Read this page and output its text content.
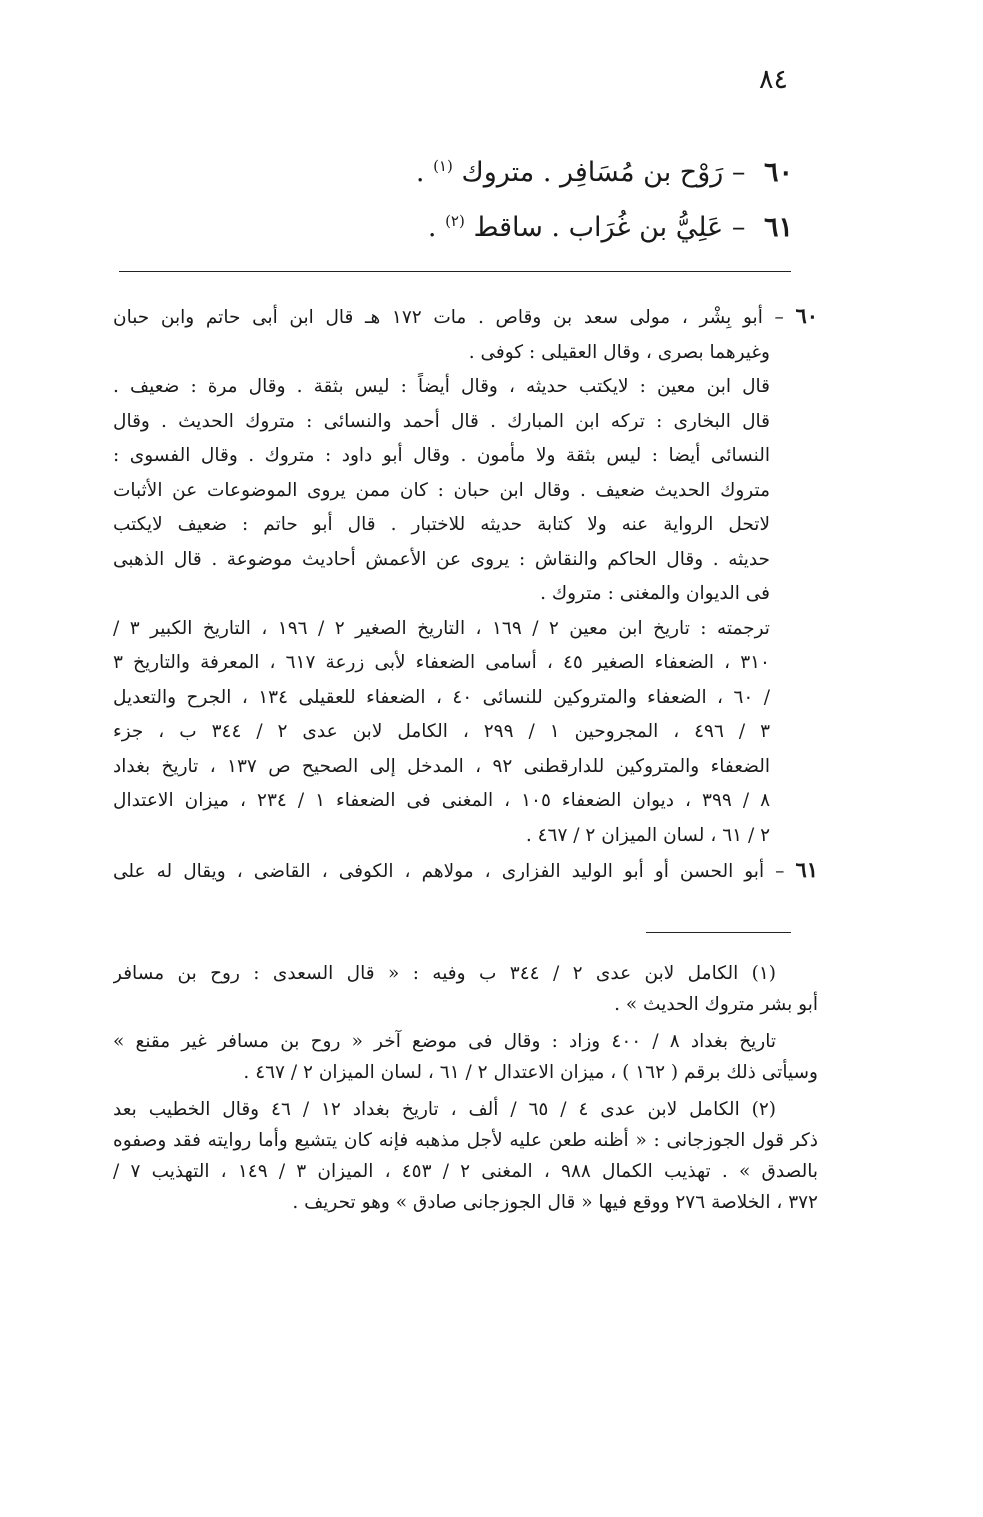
٨٤
٦٠ – رَوْح بن مُسَافِر . متروك $^{(١)}$ .
٦١ – عَلِيُّ بن غُرَاب . ساقط $^{(٢)}$ .
٦٠ – أبو بِشْر ، مولى سعد بن وقاص . مات ١٧٢ هـ قال ابن أبى حاتم وابن حبان
وغيرهما بصرى ، وقال العقيلى : كوفى .
قال ابن معين : لايكتب حديثه ، وقال أيضاً : ليس بثقة . وقال مرة : ضعيف .
قال البخارى : تركه ابن المبارك . قال أحمد والنسائى : متروك الحديث . وقال
النسائى أيضا : ليس بثقة ولا مأمون . وقال أبو داود : متروك . وقال الفسوى :
متروك الحديث ضعيف . وقال ابن حبان : كان ممن يروى الموضوعات عن الأثبات
لاتحل الرواية عنه ولا كتابة حديثه للاختبار . قال أبو حاتم : ضعيف لايكتب
حديثه . وقال الحاكم والنقاش : يروى عن الأعمش أحاديث موضوعة . قال الذهبى
فى الديوان والمغنى : متروك .
ترجمته : تاريخ ابن معين ٢ / ١٦٩ ، التاريخ الصغير ٢ / ١٩٦ ، التاريخ الكبير ٣ /
٣١٠ ، الضعفاء الصغير ٤٥ ، أسامى الضعفاء لأبى زرعة ٦١٧ ، المعرفة والتاريخ ٣
/ ٦٠ ، الضعفاء والمتروكين للنسائى ٤٠ ، الضعفاء للعقيلى ١٣٤ ، الجرح والتعديل
٣ / ٤٩٦ ، المجروحين ١ / ٢٩٩ ، الكامل لابن عدى ٢ / ٣٤٤ ب ، جزء
الضعفاء والمتروكين للدارقطنى ٩٢ ، المدخل إلى الصحيح ص ١٣٧ ، تاريخ بغداد
٨ / ٣٩٩ ، ديوان الضعفاء ١٠٥ ، المغنى فى الضعفاء ١ / ٢٣٤ ، ميزان الاعتدال
٢ / ٦١ ، لسان الميزان ٢ / ٤٦٧ .
٦١ – أبو الحسن أو أبو الوليد الفزارى ، مولاهم ، الكوفى ، القاضى ، ويقال له على
(١) الكامل لابن عدى ٢ / ٣٤٤ ب وفيه : « قال السعدى : روح بن مسافر
أبو بشر متروك الحديث » .
تاريخ بغداد ٨ / ٤٠٠ وزاد : وقال فى موضع آخر « روح بن مسافر غير مقنع »
وسيأتى ذلك برقم ( ١٦٢ ) ، ميزان الاعتدال ٢ / ٦١ ، لسان الميزان ٢ / ٤٦٧ .
(٢) الكامل لابن عدى ٤ / ٦٥ / ألف ، تاريخ بغداد ١٢ / ٤٦ وقال الخطيب بعد
ذكر قول الجوزجانى : « أظنه طعن عليه لأجل مذهبه فإنه كان يتشيع وأما روايته فقد وصفوه
بالصدق » . تهذيب الكمال ٩٨٨ ، المغنى ٢ / ٤٥٣ ، الميزان ٣ / ١٤٩ ، التهذيب ٧ /
٣٧٢ ، الخلاصة ٢٧٦ ووقع فيها « قال الجوزجانى صادق » وهو تحريف .
